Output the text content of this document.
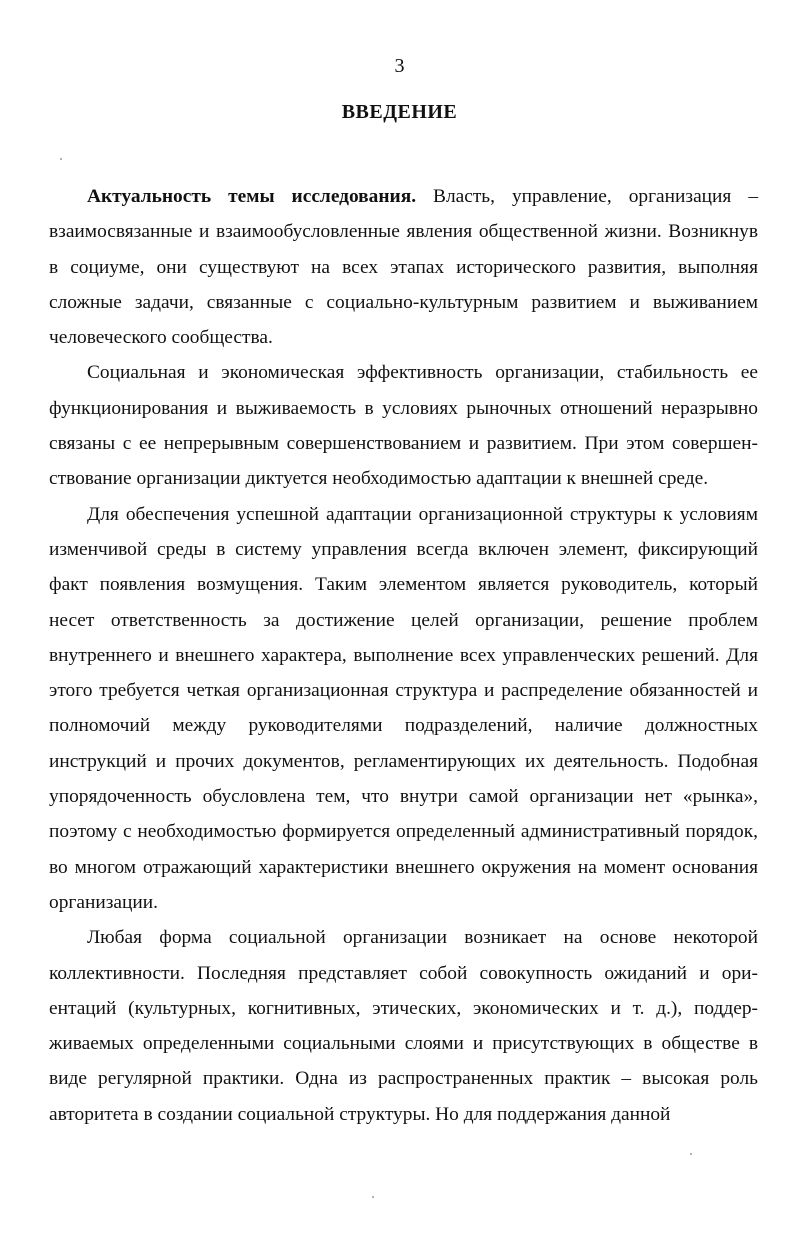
3
ВВЕДЕНИЕ

Актуальность темы исследования. Власть, управление, организация – взаимосвязанные и взаимообусловленные явления общественной жизни. Возникнув в социуме, они существуют на всех этапах исторического развития, выполняя сложные задачи, связанные с социально-культурным развитием и выживанием человеческого сообщества.

Социальная и экономическая эффективность организации, стабильность ее функционирования и выживаемость в условиях рыночных отношений неразрывно связаны с ее непрерывным совершенствованием и развитием. При этом совершенствование организации диктуется необходимостью адаптации к внешней среде.

Для обеспечения успешной адаптации организационной структуры к условиям изменчивой среды в систему управления всегда включен элемент, фиксирующий факт появления возмущения. Таким элементом является руководитель, который несет ответственность за достижение целей организации, решение проблем внутреннего и внешнего характера, выполнение всех управленческих решений. Для этого требуется четкая организационная структура и распределение обязанностей и полномочий между руководителями подразделений, наличие должностных инструкций и прочих документов, регламентирующих их деятельность. Подобная упорядоченность обусловлена тем, что внутри самой организации нет «рынка», поэтому с необходимостью формируется определенный административный порядок, во многом отражающий характеристики внешнего окружения на момент основания организации.

Любая форма социальной организации возникает на основе некоторой коллективности. Последняя представляет собой совокупность ожиданий и ориентаций (культурных, когнитивных, этических, экономических и т. д.), поддерживаемых определенными социальными слоями и присутствующих в обществе в виде регулярной практики. Одна из распространенных практик – высокая роль авторитета в создании социальной структуры. Но для поддержания данной
